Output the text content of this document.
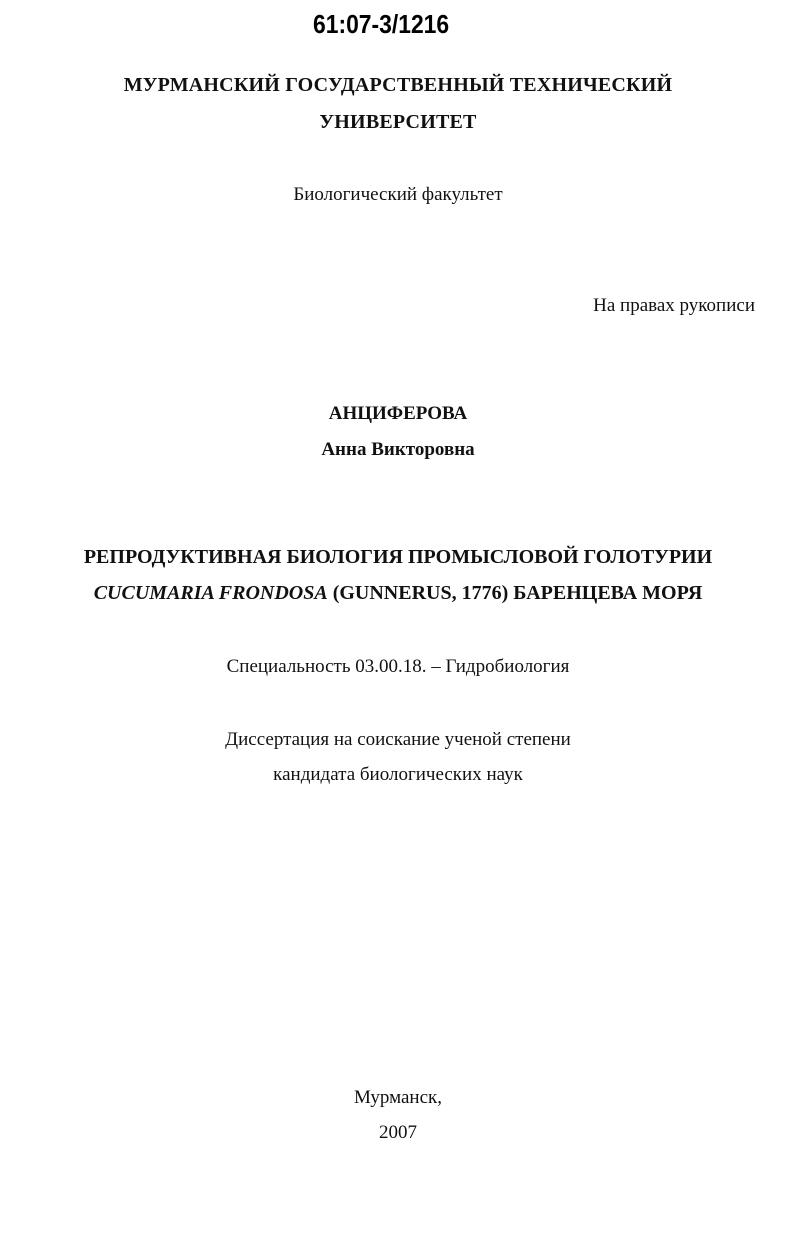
61:07-3/1216
МУРМАНСКИЙ ГОСУДАРСТВЕННЫЙ ТЕХНИЧЕСКИЙ
УНИВЕРСИТЕТ
Биологический факультет
На правах рукописи
АНЦИФЕРОВА
Анна Викторовна
РЕПРОДУКТИВНАЯ БИОЛОГИЯ ПРОМЫСЛОВОЙ ГОЛОТУРИИ
CUCUMARIA FRONDOSA (GUNNERUS, 1776) БАРЕНЦЕВА МОРЯ
Специальность 03.00.18. – Гидробиология
Диссертация на соискание ученой степени
кандидата биологических наук
Мурманск,
2007
